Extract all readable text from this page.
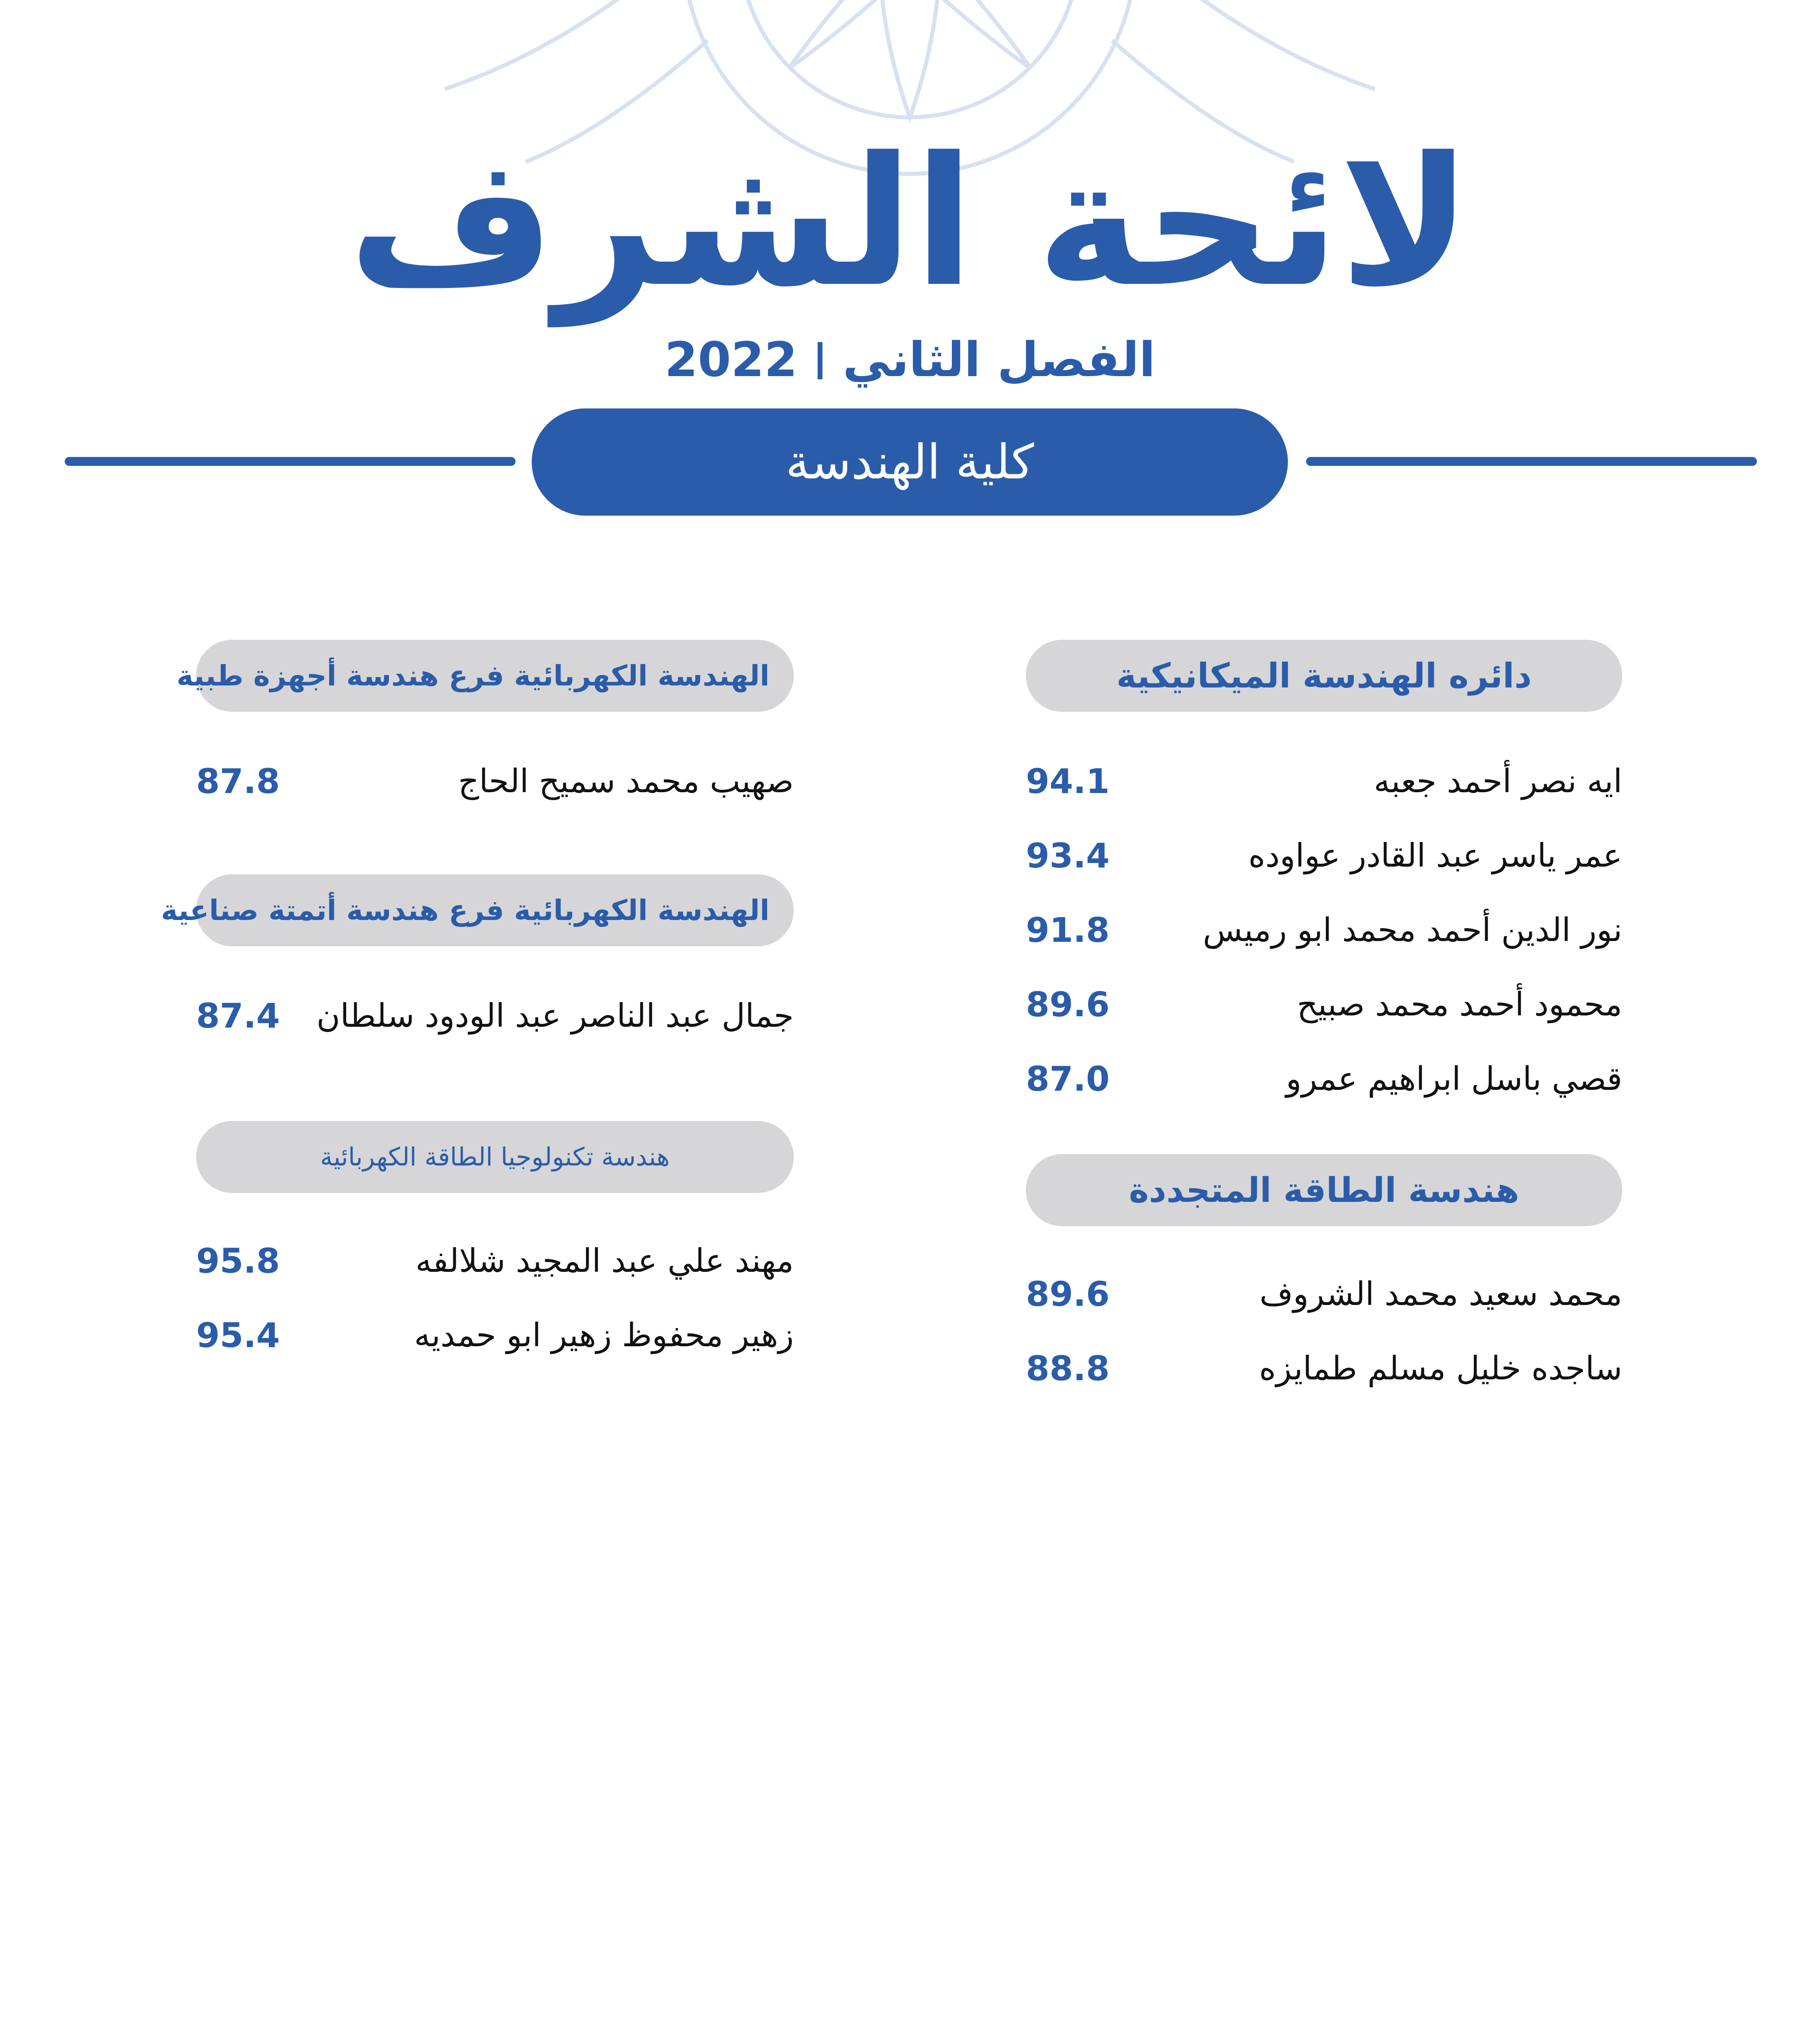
لائحة الشرف
الفصل الثاني2022
كلية الهندسة
دائره الهندسة الميكانيكية
ايه نصر أحمد جعبه
94.1
عمر ياسر عبد القادر عواوده
93.4
نور الدين أحمد محمد ابو رميس
91.8
محمود أحمد محمد صبيح
89.6
قصي باسل ابراهيم عمرو
87.0
هندسة الطاقة المتجددة
محمد سعيد محمد الشروف
89.6
ساجده خليل مسلم طمايزه
88.8
الهندسة الكهربائية فرع هندسة أجهزة طبية
صهيب محمد سميح الحاج
87.8
الهندسة الكهربائية فرع هندسة أتمتة صناعية
جمال عبد الناصر عبد الودود سلطان
87.4
هندسة تكنولوجيا الطاقة الكهربائية
مهند علي عبد المجيد شلالفه
95.8
زهير محفوظ زهير ابو حمديه
95.4
